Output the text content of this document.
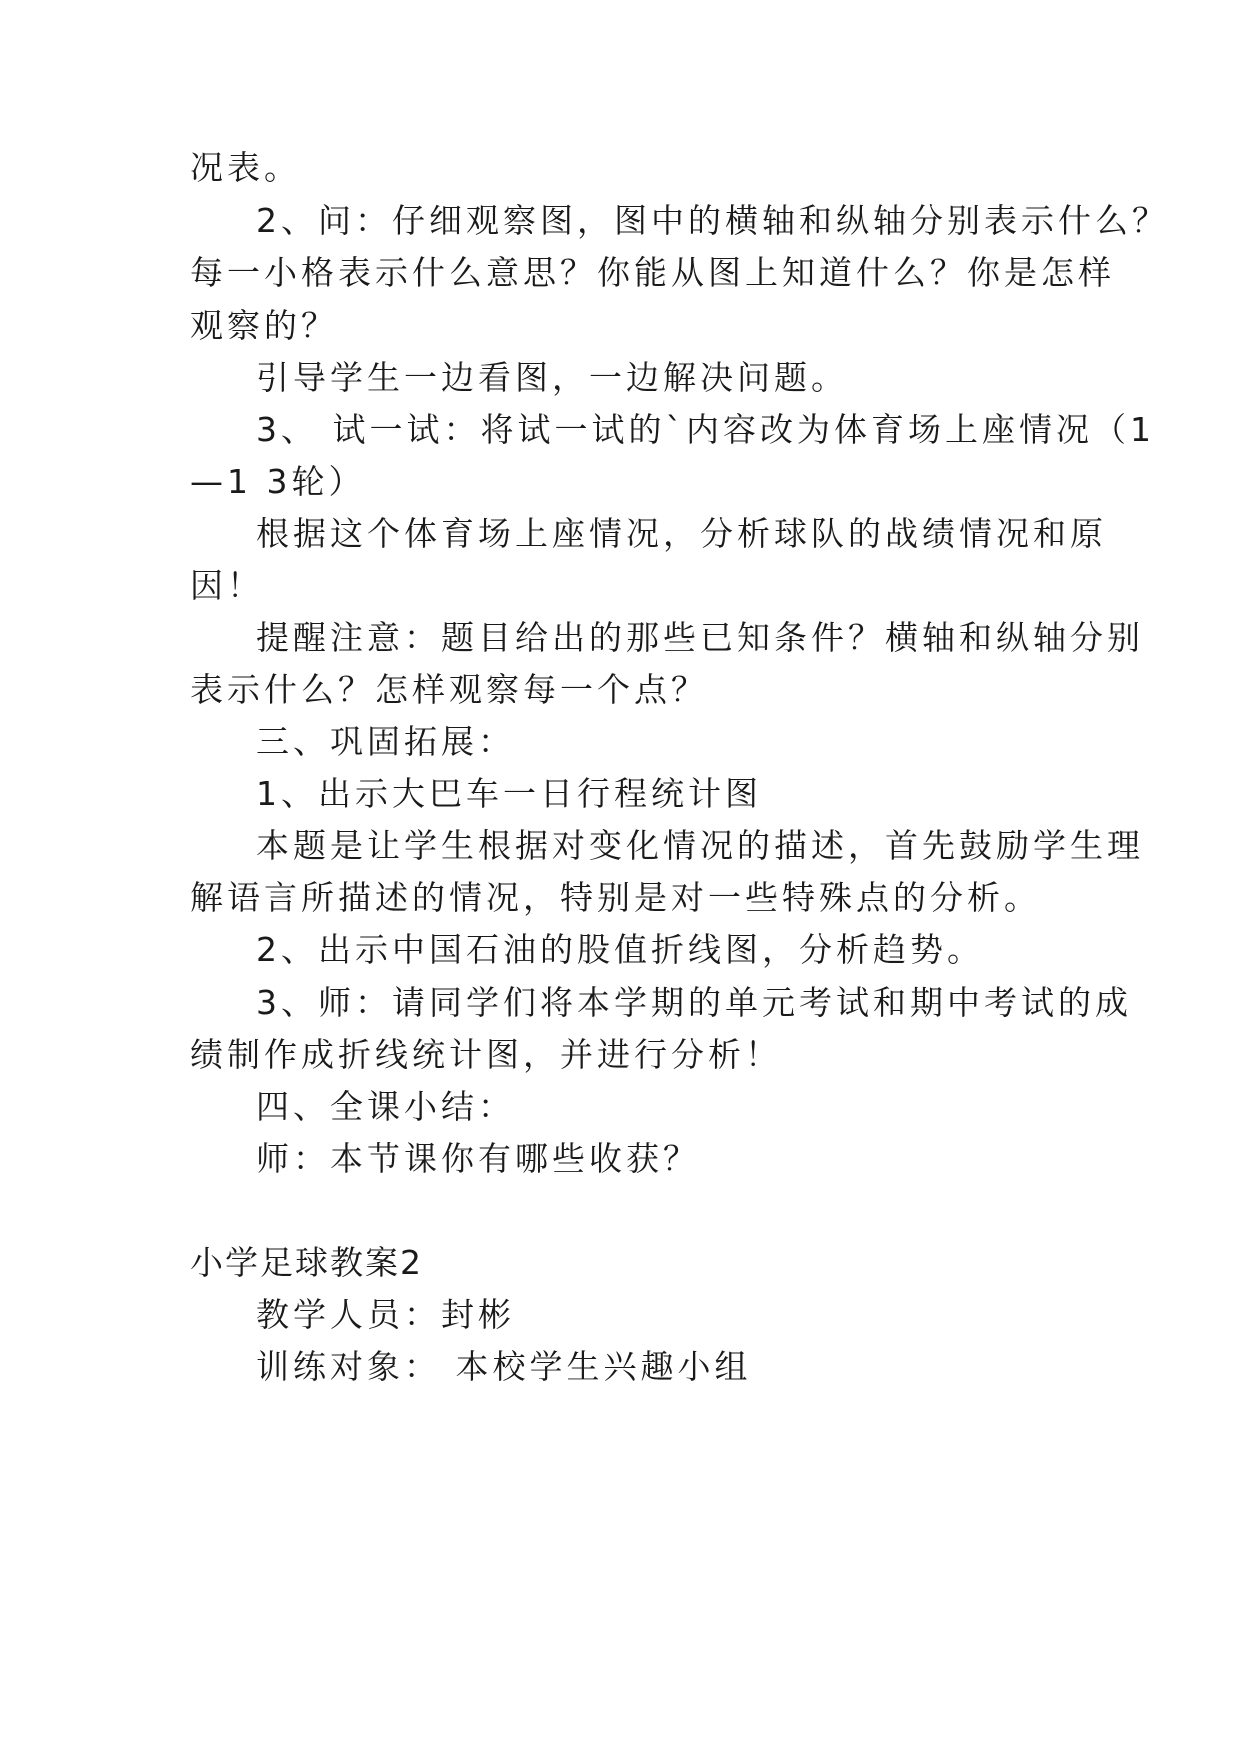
况表。
2、问：仔细观察图，图中的横轴和纵轴分别表示什么？
每一小格表示什么意思？你能从图上知道什么？你是怎样
观察的？
引导学生一边看图，一边解决问题。
3、 试一试：将试一试的`内容改为体育场上座情况（1
—1 3轮）
根据这个体育场上座情况，分析球队的战绩情况和原
因！
提醒注意：题目给出的那些已知条件？横轴和纵轴分别
表示什么？怎样观察每一个点？
三、巩固拓展：
1、出示大巴车一日行程统计图
本题是让学生根据对变化情况的描述，首先鼓励学生理
解语言所描述的情况，特别是对一些特殊点的分析。
2、出示中国石油的股值折线图，分析趋势。
3、师：请同学们将本学期的单元考试和期中考试的成
绩制作成折线统计图，并进行分析！
四、全课小结：
师：本节课你有哪些收获？
小学足球教案2
教学人员：封彬
训练对象： 本校学生兴趣小组
